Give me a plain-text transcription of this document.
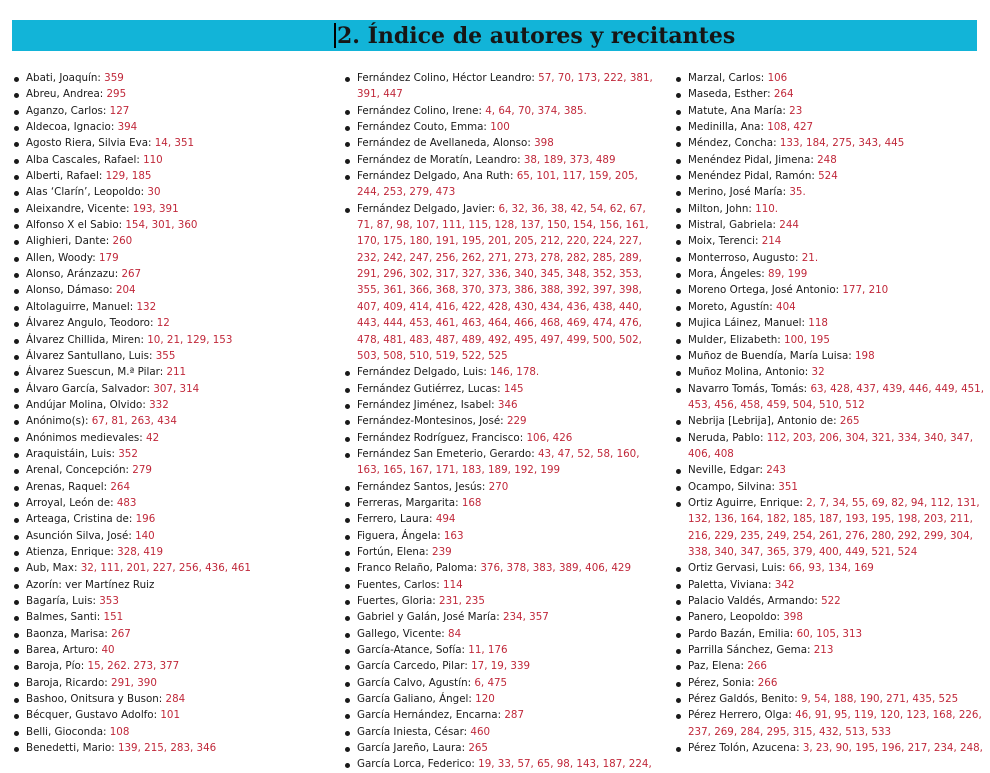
2. Índice de autores y recitantes
Abati, Joaquín: 359
Abreu, Andrea: 295
Aganzo, Carlos: 127
Aldecoa, Ignacio: 394
Agosto Riera, Silvia Eva: 14, 351
Alba Cascales, Rafael: 110
Alberti, Rafael: 129, 185
Alas ‘Clarín’, Leopoldo: 30
Aleixandre, Vicente: 193, 391
Alfonso X el Sabio: 154, 301, 360
Alighieri, Dante: 260
Allen, Woody: 179
Alonso, Aránzazu: 267
Alonso, Dámaso: 204
Altolaguirre, Manuel: 132
Álvarez Angulo, Teodoro: 12
Álvarez Chillida, Miren: 10, 21, 129, 153
Álvarez Santullano, Luis: 355
Álvarez Suescun, M.ª Pilar: 211
Álvaro García, Salvador: 307, 314
Andújar Molina, Olvido: 332
Anónimo(s): 67, 81, 263, 434
Anónimos medievales: 42
Araquistáin, Luis: 352
Arenal, Concepción: 279
Arenas, Raquel: 264
Arroyal, León de: 483
Arteaga, Cristina de: 196
Asunción Silva, José: 140
Atienza, Enrique: 328, 419
Aub, Max: 32, 111, 201, 227, 256, 436, 461
Azorín: ver Martínez Ruiz
Bagaría, Luis: 353
Balmes, Santi: 151
Baonza, Marisa: 267
Barea, Arturo: 40
Baroja, Pío: 15, 262. 273, 377
Baroja, Ricardo: 291, 390
Bashoo, Onitsura y Buson: 284
Bécquer, Gustavo Adolfo: 101
Belli, Gioconda: 108
Benedetti, Mario: 139, 215, 283, 346
Fernández Colino, Héctor Leandro: 57, 70, 173, 222, 381, 391, 447
Fernández Colino, Irene: 4, 64, 70, 374, 385.
Fernández Couto, Emma: 100
Fernández de Avellaneda, Alonso: 398
Fernández de Moratín, Leandro: 38, 189, 373, 489
Fernández Delgado, Ana Ruth: 65, 101, 117, 159, 205, 244, 253, 279, 473
Fernández Delgado, Javier: 6, 32, 36, 38, 42, 54, 62, 67, 71, 87, 98, 107, 111, 115, 128, 137, 150, 154, 156, 161, 170, 175, 180, 191, 195, 201, 205, 212, 220, 224, 227, 232, 242, 247, 256, 262, 271, 273, 278, 282, 285, 289, 291, 296, 302, 317, 327, 336, 340, 345, 348, 352, 353, 355, 361, 366, 368, 370, 373, 386, 388, 392, 397, 398, 407, 409, 414, 416, 422, 428, 430, 434, 436, 438, 440, 443, 444, 453, 461, 463, 464, 466, 468, 469, 474, 476, 478, 481, 483, 487, 489, 492, 495, 497, 499, 500, 502, 503, 508, 510, 519, 522, 525
Fernández Delgado, Luis: 146, 178.
Fernández Gutiérrez, Lucas: 145
Fernández Jiménez, Isabel: 346
Fernández-Montesinos, José: 229
Fernández Rodríguez, Francisco: 106, 426
Fernández San Emeterio, Gerardo: 43, 47, 52, 58, 160, 163, 165, 167, 171, 183, 189, 192, 199
Fernández Santos, Jesús: 270
Ferreras, Margarita: 168
Ferrero, Laura: 494
Figuera, Ángela: 163
Fortún, Elena: 239
Franco Relaño, Paloma: 376, 378, 383, 389, 406, 429
Fuentes, Carlos: 114
Fuertes, Gloria: 231, 235
Gabriel y Galán, José María: 234, 357
Gallego, Vicente: 84
García-Atance, Sofía: 11, 176
García Carcedo, Pilar: 17, 19, 339
García Calvo, Agustín: 6, 475
García Galiano, Ángel: 120
García Hernández, Encarna: 287
García Iniesta, César: 460
García Jareño, Laura: 265
García Lorca, Federico: 19, 33, 57, 65, 98, 143, 187, 224,
Marzal, Carlos: 106
Maseda, Esther: 264
Matute, Ana María: 23
Medinilla, Ana: 108, 427
Méndez, Concha: 133, 184, 275, 343, 445
Menéndez Pidal, Jimena: 248
Menéndez Pidal, Ramón: 524
Merino, José María: 35.
Milton, John: 110.
Mistral, Gabriela: 244
Moix, Terenci: 214
Monterroso, Augusto: 21.
Mora, Ángeles: 89, 199
Moreno Ortega, José Antonio: 177, 210
Moreto, Agustín: 404
Mujica Láinez, Manuel: 118
Mulder, Elizabeth: 100, 195
Muñoz de Buendía, María Luisa: 198
Muñoz Molina, Antonio: 32
Navarro Tomás, Tomás: 63, 428, 437, 439, 446, 449, 451, 453, 456, 458, 459, 504, 510, 512
Nebrija [Lebrija], Antonio de: 265
Neruda, Pablo: 112, 203, 206, 304, 321, 334, 340, 347, 406, 408
Neville, Edgar: 243
Ocampo, Silvina: 351
Ortiz Aguirre, Enrique: 2, 7, 34, 55, 69, 82, 94, 112, 131, 132, 136, 164, 182, 185, 187, 193, 195, 198, 203, 211, 216, 229, 235, 249, 254, 261, 276, 280, 292, 299, 304, 338, 340, 347, 365, 379, 400, 449, 521, 524
Ortiz Gervasi, Luis: 66, 93, 134, 169
Paletta, Viviana: 342
Palacio Valdés, Armando: 522
Panero, Leopoldo: 398
Pardo Bazán, Emilia: 60, 105, 313
Parrilla Sánchez, Gema: 213
Paz, Elena: 266
Pérez, Sonia: 266
Pérez Galdós, Benito: 9, 54, 188, 190, 271, 435, 525
Pérez Herrero, Olga: 46, 91, 95, 119, 120, 123, 168, 226, 237, 269, 284, 295, 315, 432, 513, 533
Pérez Tolón, Azucena: 3, 23, 90, 195, 196, 217, 234, 248,
